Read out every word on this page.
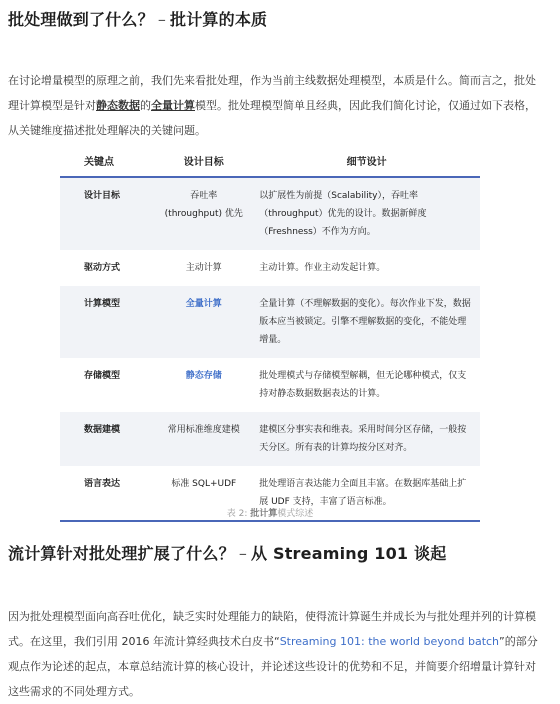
批处理做到了什么？ – 批计算的本质

在讨论增量模型的原理之前，我们先来看批处理，作为当前主线数据处理模型，本质是什么。简而言之，批处理计算模型是针对静态数据的全量计算模型。批处理模型简单且经典，因此我们简化讨论，仅通过如下表格，从关键维度描述批处理解决的关键问题。

关键点	设计目标	细节设计
设计目标	吞吐率 (throughput) 优先	以扩展性为前提（Scalability），吞吐率（throughput）优先的设计。数据新鲜度（Freshness）不作为方向。
驱动方式	主动计算	主动计算。作业主动发起计算。
计算模型	全量计算	全量计算（不理解数据的变化）。每次作业下发，数据版本应当被锁定。引擎不理解数据的变化，不能处理增量。
存储模型	静态存储	批处理模式与存储模型解耦，但无论哪种模式，仅支持对静态数据数据表达的计算。
数据建模	常用标准维度建模	建模区分事实表和维表。采用时间分区存储，一般按天分区。所有表的计算均按分区对齐。
语言表达	标准 SQL+UDF	批处理语言表达能力全面且丰富。在数据库基础上扩展 UDF 支持，丰富了语言标准。
表 2: 批计算模式综述
流计算针对批处理扩展了什么？ – 从 Streaming 101 谈起

因为批处理模型面向高吞吐优化，缺乏实时处理能力的缺陷，使得流计算诞生并成长为与批处理并列的计算模式。在这里，我们引用 2016 年流计算经典技术白皮书“Streaming 101: the world beyond batch”的部分观点作为论述的起点，本章总结流计算的核心设计，并论述这些设计的优势和不足，并简要介绍增量计算针对这些需求的不同处理方式。
